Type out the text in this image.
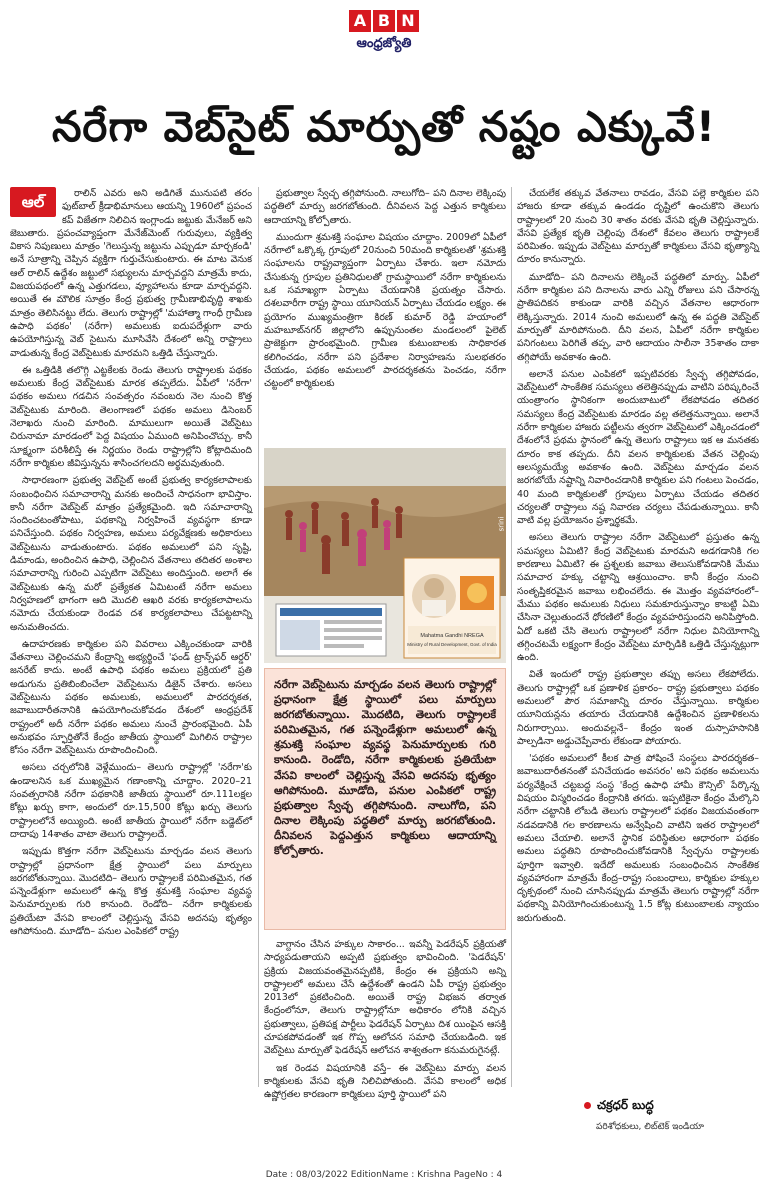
A B N
ఆంధ్రజ్యోతి
నరేగా వెబ్‌సైట్ మార్పుతో నష్టం ఎక్కువే!
ఆల్	రాలిన్ ఎవరు అని అడిగితే మునుపటి తరం ఫుట్‌బాల్ క్రీడాభిమానులు ఆయన్ని 1960లో ప్రపంచ కప్ విజేతగా నిలిచిన ఇంగ్లాండు జట్టుకు మేనేజర్ అని జెబుతారు. ప్రపంచవ్యాప్తంగా మేనేజ్‌మెంట్ గురువులు, వ్యక్తిత్వ వికాస నిపుణులు మాత్రం 'గెలుస్తున్న జట్టును ఎప్పుడూ మార్చకండి' అనే సూత్రాన్ని చెప్పిన వ్యక్తిగా గుర్తుచేసుకుంటారు. ఈ మాట వెనుక ఆల్ రాలిన్ ఉద్దేశం జట్టులో సభ్యులను మార్చవద్దని మాత్రమే కాదు, విజయపథంలో ఉన్న ఎత్తుగడలు, వ్యూహాలను కూడా మార్చవద్దని. అయితే ఈ మౌలిక సూత్రం కేంద్ర ప్రభుత్వ గ్రామీణాభివృద్ధి శాఖకు మాత్రం తెలిసినట్టు లేదు. తెలుగు రాష్ట్రాల్లో 'మహాత్మా గాంధీ గ్రామీణ ఉపాధి పథకం' (నరేగా) అమలుకు ఐదుపదేళ్లుగా వారు ఉపయోగిస్తున్న వెబ్ సైటును మూసివేసి దేశంలో అన్ని రాష్ట్రాలు వాడుతున్న కేంద్ర వెబ్‌సైటుకు మారమని ఒత్తిడి చేస్తున్నారు.

ఈ ఒత్తిడికి తలొగ్గి ఎట్టకేలకు రెండు తెలుగు రాష్ట్రాలకు పథకం అమలుకు కేంద్ర వెబ్‌సైటుకు మారక తప్పలేదు. ఏపీలో 'నరేగా' పథకం అమలు గడచిన సంవత్సరం నవంబరు నెల నుంచి కొత్త వెబ్‌సైటుకు మారింది. తెలంగాణలో పథకం అమలు డిసెంబర్ నెలాఖరు నుంచి మారింది. మాములుగా అయితే వెబ్‌సైటు చిరునామా మారడంలో పెద్ద విషయం ఏముంది అనిపించొచ్చు. కానీ సూక్ష్మంగా పరిశీలిస్తే ఈ నిర్ణయం రెండు రాష్ట్రాల్లోని కోట్లాదిమంది నరేగా కార్మికుల జీవిస్తున్నను శాసించగలదని అర్థమవుతుంది.

సాధారణంగా ప్రభుత్వ వెబ్‌సైట్ అంటే ప్రభుత్వ కార్యకలాపాలకు సంబంధించిన సమాచారాన్ని మనకు అందించే సాధనంగా భావిస్తాం. కానీ నరేగా వెబ్‌సైట్ మాత్రం ప్రత్యేకమైంది. ఇది సమాచారాన్ని సందించటంతోపాటు, పథకాన్ని నిర్వహించే వ్యవస్థగా కూడా పనిచేస్తుంది. పథకం నిర్వహణ, అమలు పర్యవేక్షణకు అధికారులు వెబ్‌సైటును వాడుతుంటారు. పథకం అమలులో పని సృష్టి, డిమాండు, అందించిన ఉపాధి, చెల్లించిన వేతనాలు తదితర అంశాల సమాచారాన్ని గురించి ఎప్పటిగా వెబ్‌సైటు అందిస్తుంది. అలాగే ఈ వెబ్‌సైటుకు ఉన్న మరో ప్రత్యేకత ఏమిటంటే నరేగా అమలు నిర్వహణలో భాగంగా ఆది మొదలి ఆఖరి వరకు కార్యకలాపాలను నమోదు చేయకుండా రెండవ దశ కార్యకలాపాలు చేపట్టటాన్ని అనుమతించదు.

ఉదాహరణకు కార్మికుల పని వివరాలు ఎక్కించకుండా వారికి వేతనాలు చెల్లించమని కేంద్రాన్ని అభ్యర్థించే 'ఫండ్ ట్రాన్స్‌ఫర్ ఆర్డర్' జనరేట్ కాదు. అంటే ఉపాధి పథకం అమలు ప్రక్రియలో ప్రతి అడుగును ప్రతిబింబించేలా వెబ్‌సైటును డిజైన్ చేశారు. అసలు వెబ్‌సైటును పథకం అమలుకు, అమలులో పారదర్శకత, జవాబుదారీతనానికి ఉపయోగించుకోవడం దేశంలో ఆంధ్రప్రదేశ్ రాష్ట్రంలో అదీ నరేగా పథకం అమలు నుంచే ప్రారంభమైంది. ఏపీ అనుభవం స్ఫూర్తితోనే కేంద్రం జాతీయ స్థాయిలో మిగిలిన రాష్ట్రాల కోసం నరేగా వెబ్‌సైటును రూపొందించింది.

అసలు చర్చలోనికి వెళ్లేముందు– తెలుగు రాష్ట్రాల్లో 'నరేగా'కు ఉండాలనిన ఒక ముఖ్యమైన గణాంకాన్ని చూద్దాం. 2020–21 సంవత్సరానికి నరేగా పథకానికి జాతీయ స్థాయిలో రూ.111లక్షల కోట్లు ఖర్చు కాగా, అందులో రూ.15,500 కోట్లు ఖర్చు తెలుగు రాష్ట్రాలలోనే అయ్యింది. అంటే జాతీయ స్థాయిలో నరేగా బడ్జెట్‌లో దాదాపు 14శాతం వాటా తెలుగు రాష్ట్రాలదే.

ఇప్పుడు కొత్తగా నరేగా వెబ్‌సైటును మార్చడం వలన తెలుగు రాష్ట్రాల్లో ప్రధానంగా క్షేత్ర స్థాయిలో పలు మార్పులు జరగబోతున్నాయి. మొదటిది– తెలుగు రాష్ట్రాలకే పరిమితమైన, గత పన్నెండేళ్లుగా అమలులో ఉన్న కొత్త శ్రమశక్తి సంఘాల వ్యవస్థ పెనుమార్పులకు గురి కానుంది. రెండోది– నరేగా కార్మికులకు ప్రతియేటా వేసవి కాలంలో చెల్లిస్తున్న వేసవి అదనపు భృత్యం ఆగిపోనుంది. మూడోది– పనుల ఎంపికలో రాష్ట్ర

ప్రభుత్వాల స్వేచ్ఛ తగ్గిపోనుంది. నాలుగోది– పని దినాల లెక్కింపు పద్ధతిలో మార్పు జరగబోతుంది. దీనివలన పెద్ద ఎత్తున కార్మికులు ఆదాయాన్ని కోల్పోతారు.

ముందుగా శ్రమశక్తి సంఘాల విషయం చూద్దాం. 2009లో ఏపీలో నరేగాలో ఒక్కొక్క గ్రూపులో 20నుంచి 50మంది కార్మికులతో 'శ్రమశక్తి సంఘాలను రాష్ట్రవ్యాప్తంగా ఏర్పాటు చేశారు. ఇలా నమోదు చేసుకున్న గ్రూపుల ప్రతినిధులతో గ్రామస్థాయిలో నరేగా కార్మికులను ఒక సమాఖ్యగా ఏర్పాటు చేయడానికి ప్రయత్నం చేసారు. దశలవారీగా రాష్ట్ర స్థాయి యూనియన్ ఏర్పాటు చేయడం లక్ష్యం. ఈ ప్రయోగం ముఖ్యమంత్రిగా కిరణ్ కుమార్ రెడ్డి హయాంలో మహబూబ్‌నగర్ జిల్లాలోని ఉప్పునుంతల మండలంలో పైలెట్ ప్రాజెక్టుగా ప్రారంభమైంది. గ్రామీణ కుటుంబాలకు సాధికారత కలిగించడం, నరేగా పని ప్రదేశాల నిర్వాహణను సులభతరం చేయడం, పథకం అమలులో పారదర్శకతను పెంచడం, నరేగా చట్టంలో కార్మికులకు

Mahatma Gandhi NREGA
Ministry of Rural Development, Govt. of India
srini
నరేగా వెబ్‌సైటును మార్చడం వలన తెలుగు రాష్ట్రాల్లో ప్రధానంగా క్షేత్ర స్థాయిలో పలు మార్పులు జరగబోతున్నాయి. మొదటిది, తెలుగు రాష్ట్రాలకే పరిమితమైన, గత పన్నెండేళ్లుగా అమలులో ఉన్న శ్రమశక్తి సంఘాల వ్యవస్థ పెనుమార్పులకు గురి కానుంది. రెండోది, నరేగా కార్మికులకు ప్రతియేటా వేసవి కాలంలో చెల్లిస్తున్న వేసవి అదనపు భృత్యం ఆగిపోనుంది. మూడోది, పనుల ఎంపికలో రాష్ట్ర ప్రభుత్వాల స్వేచ్ఛ తగ్గిపోనుంది. నాలుగోది, పని దినాల లెక్కింపు పద్ధతిలో మార్పు జరగబోతుంది. దీనివలన పెద్దఎత్తున కార్మికులు ఆదాయాన్ని కోల్పోతారు.

వాగ్దానం చేసిన హక్కుల సాకారం... ఇవన్నీ పెడరేషన్ ప్రక్రియతో సాధ్యపడుతాయని అప్పటి ప్రభుత్వం భావించింది. 'పెడరేషన్' ప్రక్రియ విజయవంతమైనప్పటికి, కేంద్రం ఈ ప్రక్రియని అన్ని రాష్ట్రాలలో అమలు చేసే ఉద్దేశంతో ఉండని ఏపీ రాష్ట్ర ప్రభుత్వం 2013లో ప్రకటించింది. అయితే రాష్ట్ర విభజన తర్వాత కేంద్రంలోనూ, తెలుగు రాష్ట్రాల్లోనూ అధికారం లోనికి వచ్చిన ప్రభుత్వాలు, ప్రతిపక్ష పార్టీలు ఫెడరేషన్ ఏర్పాటు దిశ యింపైన ఆసక్తి చూపకపోవడంతో ఇక గొప్ప ఆలోచన సమాధి చేయబడింది. ఇక వెబ్‌సైటు మార్పుతో ఫెడరేషన్ ఆలోచన శాశ్వతంగా కనుమరుగైనట్లే.

ఇక రెండవ విషయానికి వస్తే– ఈ వెబ్‌సైటు మార్పు వలన కార్మికులకు వేసవి భృతి నిలిచిపోతుంది. వేసవి కాలంలో అధిక ఉష్ణోగ్రతల కారణంగా కార్మికులు పూర్తి స్థాయిలో పని

చేయలేక తక్కువ వేతనాలు రావడం, వేసవి పల్లె కార్మికుల పని హాజరు కూడా తక్కువ ఉండడం దృష్టిలో ఉంచుకొని తెలుగు రాష్ట్రాలలో 20 నుంచి 30 శాతం వరకు వేసవి భృతి చెల్లిస్తున్నారు. వేసవి ప్రత్యేక భృతి చెల్లింపు దేశంలో కేవలం తెలుగు రాష్ట్రాలకే పరిమితం. ఇప్పుడు వెబ్‌సైటు మార్పుతో కార్మికులు వేసవి భృత్యాన్ని దూరం కానున్నారు.

మూడోది– పని దినాలను లెక్కించే పద్ధతిలో మార్పు. ఏపీలో నరేగా కార్మికుల పని దినాలను వారు ఎన్ని రోజులు పని చేసారన్న ప్రాతిపదికన కాకుండా వారికి వచ్చిన వేతనాల ఆధారంగా లెక్కిస్తున్నారు. 2014 నుంచి అమలులో ఉన్న ఈ పద్ధతి వెబ్‌సైట్ మార్పుతో మారిపోనుంది. దీని వలన, ఏపీలో నరేగా కార్మికుల పనిగంటలు పెరిగితే తప్ప, వారి ఆదాయం సాలీనా 35శాతం దాకా తగ్గిపోయే అవకాశం ఉంది.

అలానే పనుల ఎంపికలో ఇప్పటివరకు స్వేచ్ఛ తగ్గిపోవడం, వెబ్‌సైటులో సాంకేతిక సమస్యలు తలెత్తినప్పుడు వాటిని పరిష్కరించే యంత్రాంగం స్థానికంగా అందుబాటులో లేకపోవడం తదితర సమస్యలు కేంద్ర వెబ్‌సైటుకు మారడం వల్ల తలెత్తనున్నాయి. అలానే నరేగా కార్మికుల హాజరు పట్టీలను త్వరగా వెబ్‌సైటులో ఎక్కించడంలో దేశంలోనే ప్రథమ స్థానంలో ఉన్న తెలుగు రాష్ట్రాలు ఇక ఆ మనతకు దూరం కాక తప్పదు. దీని వలన కార్మికులకు వేతన చెల్లింపు ఆలస్యమయ్యే అవకాశం ఉంది. వెబ్‌సైటు మార్చడం వలన జరగబోయే నష్టాన్ని నివారించడానికి కార్మికుల పని గంటలు పెంచడం, 40 మంది కార్మికులతో గ్రూపులు ఏర్పాటు చేయడం తదితర చర్యలతో రాష్ట్రాలు నష్ట నివారణ చర్యలు చేపడుతున్నాయి. కానీ వాటి వల్ల ప్రయోజనం ప్రశ్నార్థకమే.

అసలు తెలుగు రాష్ట్రాల నరేగా వెబ్‌సైటులో ప్రస్తుతం ఉన్న సమస్యలు ఏమిటి? కేంద్ర వెబ్‌సైటుకు మారమని అడగడానికి గల కారణాలు ఏమిటి? ఈ ప్రశ్నలకు జవాబు తెలుసుకోవడానికి మేము సమాచార హక్కు చట్టాన్ని ఆశ్రయించాం. కానీ కేంద్రం నుంచి సంతృప్తికరమైన జవాబు లభించలేదు. ఈ మొత్తం వ్యవహారంలో– మేము పథకం అమలుకు నిధులు సమకూరుస్తున్నాం కాబట్టి ఏమి చేసినా చెల్లుతుందనే ధోరణిలో కేంద్రం వ్యవహరిస్తుందని అనిపిస్తోంది. ఏదో ఒకటి చేసి తెలుగు రాష్ట్రాలలో నరేగా నిధుల వినియోగాన్ని తగ్గించటమే లక్ష్యంగా కేంద్రం వెబ్‌సైటు మార్పిడికి ఒత్తిడి చేస్తున్నట్లుగా ఉంది.

వితే ఇందులో రాష్ట్ర ప్రభుత్వాల తప్పు అసలు లేకపోలేదు. తెలుగు రాష్ట్రాల్లో ఒక ప్రణాళిక ప్రకారం– రాష్ట్ర ప్రభుత్వాలు పథకం అమలులో పౌర సమాజాన్ని దూరం చేస్తున్నాయి. కార్మికుల యూనియన్లను తయారు చేయడానికి ఉద్దేశించిన ప్రణాళికలను నిరుగార్చాయి. అందువల్లనే– కేంద్రం ఇంత దుస్సాహసానికి పాల్పడినా అడ్డుచెప్పేవారు లేకుండా పోయారు.

'పథకం అమలులో కీలక పాత్ర పోషించే సంస్థలు పారదర్శకత–జవాబుదారీతనంతో పనిచేయడం అవసరం' అని పథకం అమలును పర్యవేక్షించే చట్టబద్ధ సంస్థ 'కేంద్ర ఉపాధి హామీ కౌన్సిల్' పేర్కొన్న విషయం విస్మరించడం కేంద్రానికి తగదు. ఇప్పటికైనా కేంద్రం మేల్కొని నరేగా చట్టానికి లోబడి తెలుగు రాష్ట్రాలలో పథకం విజయవంతంగా నడవడానికి గల కారణాలను అన్వేషించి వాటిని ఇతర రాష్ట్రాలలో అమలు చేయాలి. అలానే స్థానిక పరిస్థితుల ఆధారంగా పథకం అమలు పద్ధతిని రూపొందించుకోవడానికి స్వేచ్ఛను రాష్ట్రాలకు పూర్తిగా ఇవ్వాలి. ఇదేదో అమలుకు సంబంధించిన సాంకేతిక వ్యవహారంగా మాత్రమే కేంద్ర–రాష్ట్ర సంబంధాలు, కార్మికుల హక్కుల దృక్పథంలో నుంచి చూసినప్పుడు మాత్రమే తెలుగు రాష్ట్రాల్లో నరేగా పథకాన్ని వినియోగించుకుంటున్న 1.5 కోట్ల కుటుంబాలకు న్యాయం జరుగుతుంది.

చక్రధర్ బుద్ధ
పరిశోధకులు, లిబ్‌టెక్ ఇండియా
Date : 08/03/2022 EditionName : Krishna PageNo : 4
